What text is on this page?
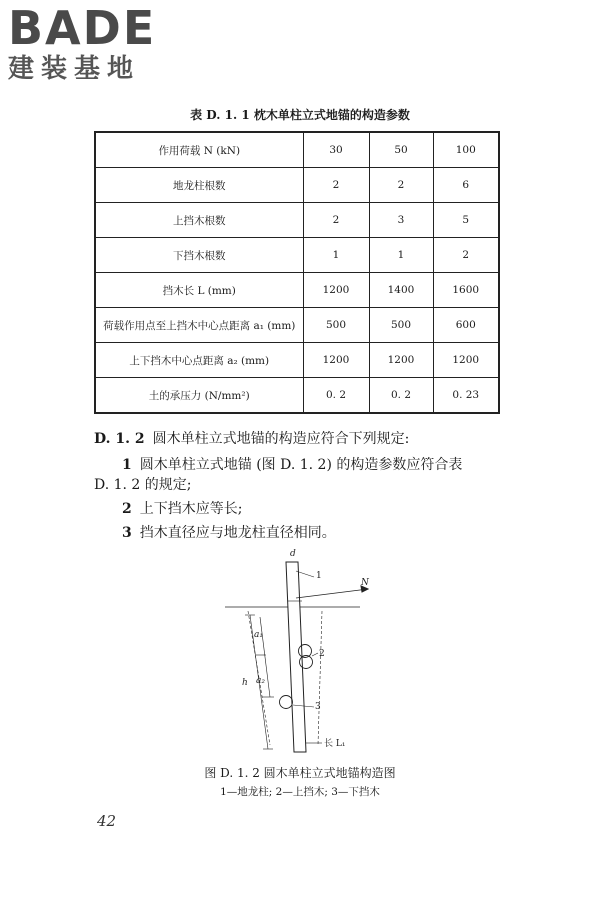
BADE
建装基地
表 D. 1. 1 枕木单柱立式地锚的构造参数
作用荷载 N (kN)	30	50	100
地龙柱根数	2	2	6
上挡木根数	2	3	5
下挡木根数	1	1	2
挡木长 L (mm)	1200	1400	1600
荷载作用点至上挡木中心点距离 a₁ (mm)	500	500	600
上下挡木中心点距离 a₂ (mm)	1200	1200	1200
土的承压力 (N/mm²)	0. 2	0. 2	0. 23
D. 1. 2 圆木单柱立式地锚的构造应符合下列规定:
1 圆木单柱立式地锚 (图 D. 1. 2) 的构造参数应符合表
D. 1. 2 的规定;
2 上下挡木应等长;
3 挡木直径应与地龙柱直径相同。
d
1
N
a₁
h a₂
2
3
长 L₁
图 D. 1. 2 圆木单柱立式地锚构造图
1—地龙柱; 2—上挡木; 3—下挡木
42
